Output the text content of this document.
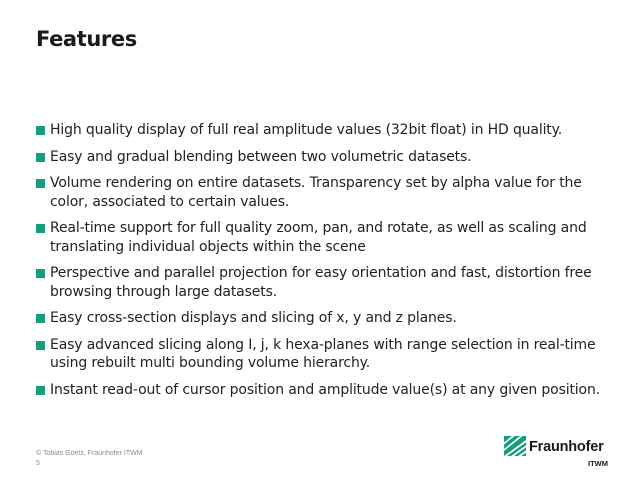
Features
High quality display of full real amplitude values (32bit float) in HD quality.
Easy and gradual blending between two volumetric datasets.
Volume rendering on entire datasets. Transparency set by alpha value for the color, associated to certain values.
Real-time support for full quality zoom, pan, and rotate, as well as scaling and translating individual objects within the scene
Perspective and parallel projection for easy orientation and fast, distortion free browsing through large datasets.
Easy cross-section displays and slicing of x, y and z planes.
Easy advanced slicing along I, j, k hexa-planes with range selection in real-time using rebuilt multi bounding volume hierarchy.
Instant read-out of cursor position and amplitude value(s) at any given position.
© Tobias Goetz, Fraunhofer ITWM
5
Fraunhofer
ITWM
